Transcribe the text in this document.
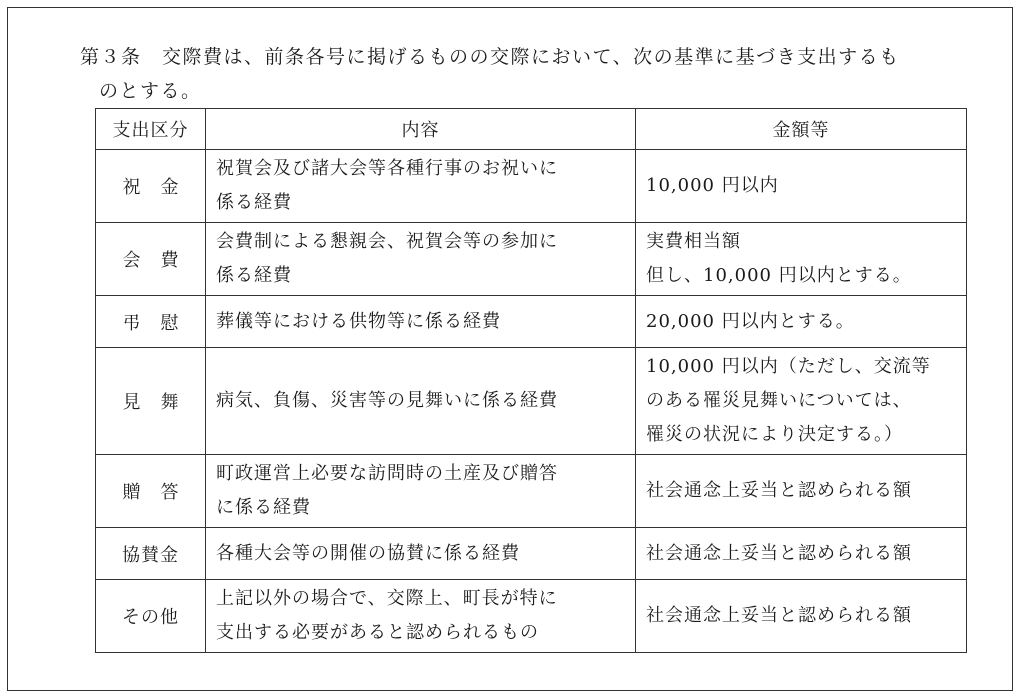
第３条　交際費は、前条各号に掲げるものの交際において、次の基準に基づき支出するも
のとする。
支出区分	内容	金額等
祝金	祝賀会及び諸大会等各種行事のお祝いに
係る経費	10,000 円以内

会費	会費制による懇親会、祝賀会等の参加に
係る経費	実費相当額
但し、10,000 円以内とする。

弔慰	葬儀等における供物等に係る経費	20,000 円以内とする。

見舞	病気、負傷、災害等の見舞いに係る経費	10,000 円以内（ただし、交流等
のある罹災見舞いについては、
罹災の状況により決定する。）

贈答	町政運営上必要な訪問時の土産及び贈答
に係る経費	社会通念上妥当と認められる額

協賛金	各種大会等の開催の協賛に係る経費	社会通念上妥当と認められる額

その他	上記以外の場合で、交際上、町長が特に
支出する必要があると認められるもの	社会通念上妥当と認められる額
